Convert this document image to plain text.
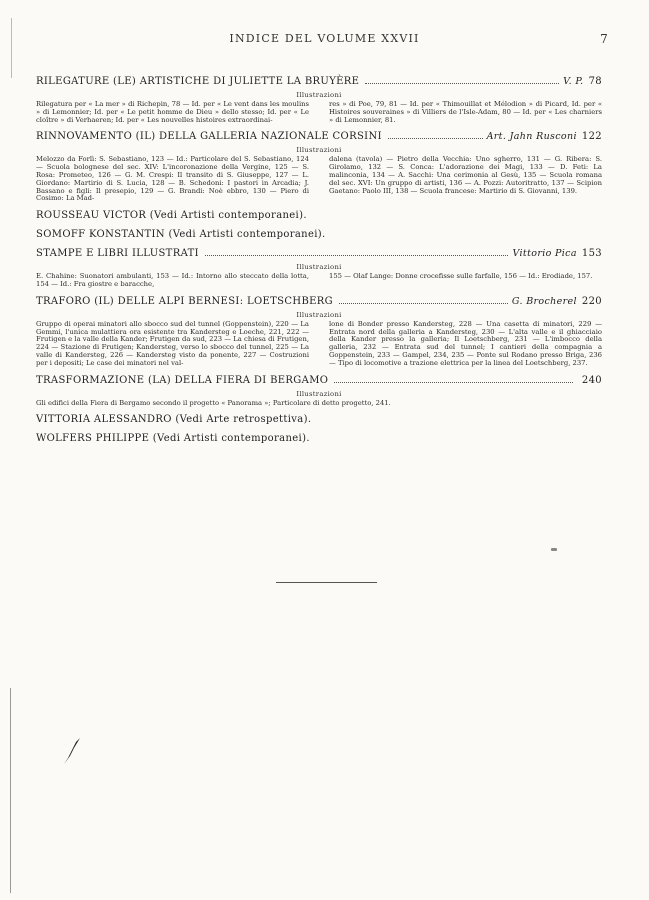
INDICE DEL VOLUME XXVII	7
RILEGATURE (LE) ARTISTICHE DI JULIETTE LA BRUYÈRE	V. P. 78
Illustrazioni
Rilegatura per « La mer » di Richepin, 78 — Id. per « Le vent dans les moulins » di Lemonnier; Id. per « Le petit homme de Dieu » dello stesso; Id. per « Le cloître » di Verhaeren; Id. per « Les nouvelles histoires extraordinai-
res » di Poe, 79, 81 — Id. per « Thimouillat et Mélodion » di Picard, Id. per « Histoires souveraines » di Villiers de l'Isle-Adam, 80 — Id. per « Les charniers » di Lemonnier, 81.
RINNOVAMENTO (IL) DELLA GALLERIA NAZIONALE CORSINI	Art. Jahn Rusconi 122
Illustrazioni
Melozzo da Forlì: S. Sebastiano, 123 — Id.: Particolare del S. Sebastiano, 124 — Scuola bolognese del sec. XIV: L'incoronazione della Vergine, 125 — S. Rosa: Prometeo, 126 — G. M. Crespi: Il transito di S. Giuseppe, 127 — L. Giordano: Martirio di S. Lucia, 128 — B. Schedoni: I pastori in Arcadia; J. Bassano e figli: Il presepio, 129 — G. Brandi: Noè ebbro, 130 — Piero di Cosimo: La Mad-
dalena (tavola) — Pietro della Vecchia: Uno sgherro, 131 — G. Ribera: S. Girolamo, 132 — S. Conca: L'adorazione dei Magi, 133 — D. Feti: La malinconia, 134 — A. Sacchi: Una cerimonia al Gesù, 135 — Scuola romana del sec. XVI: Un gruppo di artisti, 136 — A. Pozzi: Autoritratto, 137 — Scipion Gaetano: Paolo III, 138 — Scuola francese: Martirio di S. Giovanni, 139.
ROUSSEAU VICTOR (Vedi Artisti contemporanei).
SOMOFF KONSTANTIN (Vedi Artisti contemporanei).
STAMPE E LIBRI ILLUSTRATI	Vittorio Pica 153
Illustrazioni
E. Chahine: Suonatori ambulanti, 153 — Id.: Intorno allo steccato della lotta, 154 — Id.: Fra giostre e baracche,
155 — Olaf Lange: Donne crocefisse sulle farfalle, 156 — Id.: Erodiade, 157.
TRAFORO (IL) DELLE ALPI BERNESI: LOETSCHBERG	G. Brocherel 220
Illustrazioni
Gruppo di operai minatori allo sbocco sud del tunnel (Goppenstein), 220 — La Gemmi, l'unica mulattiera ora esistente tra Kandersteg e Loeche, 221, 222 — Frutigen e la valle della Kander; Frutigen da sud, 223 — La chiesa di Frutigen, 224 — Stazione di Frutigen; Kandersteg, verso lo sbocco del tunnel, 225 — La valle di Kandersteg, 226 — Kandersteg visto da ponente, 227 — Costruzioni per i depositi; Le case dei minatori nel val-
lone di Bonder presso Kandersteg, 228 — Una casetta di minatori, 229 — Entrata nord della galleria a Kandersteg, 230 — L'alta valle e il ghiacciaio della Kander presso la galleria; Il Loetschberg, 231 — L'imbocco della galleria, 232 — Entrata sud del tunnel; I cantieri della compagnia a Goppenstein, 233 — Gampel, 234, 235 — Ponte sul Rodano presso Briga, 236 — Tipo di locomotive a trazione elettrica per la linea del Loetschberg, 237.
TRASFORMAZIONE (LA) DELLA FIERA DI BERGAMO	240
Illustrazioni
Gli edifici della Fiera di Bergamo secondo il progetto « Panorama »; Particolare di detto progetto, 241.
VITTORIA ALESSANDRO (Vedi Arte retrospettiva).
WOLFERS PHILIPPE (Vedi Artisti contemporanei).
